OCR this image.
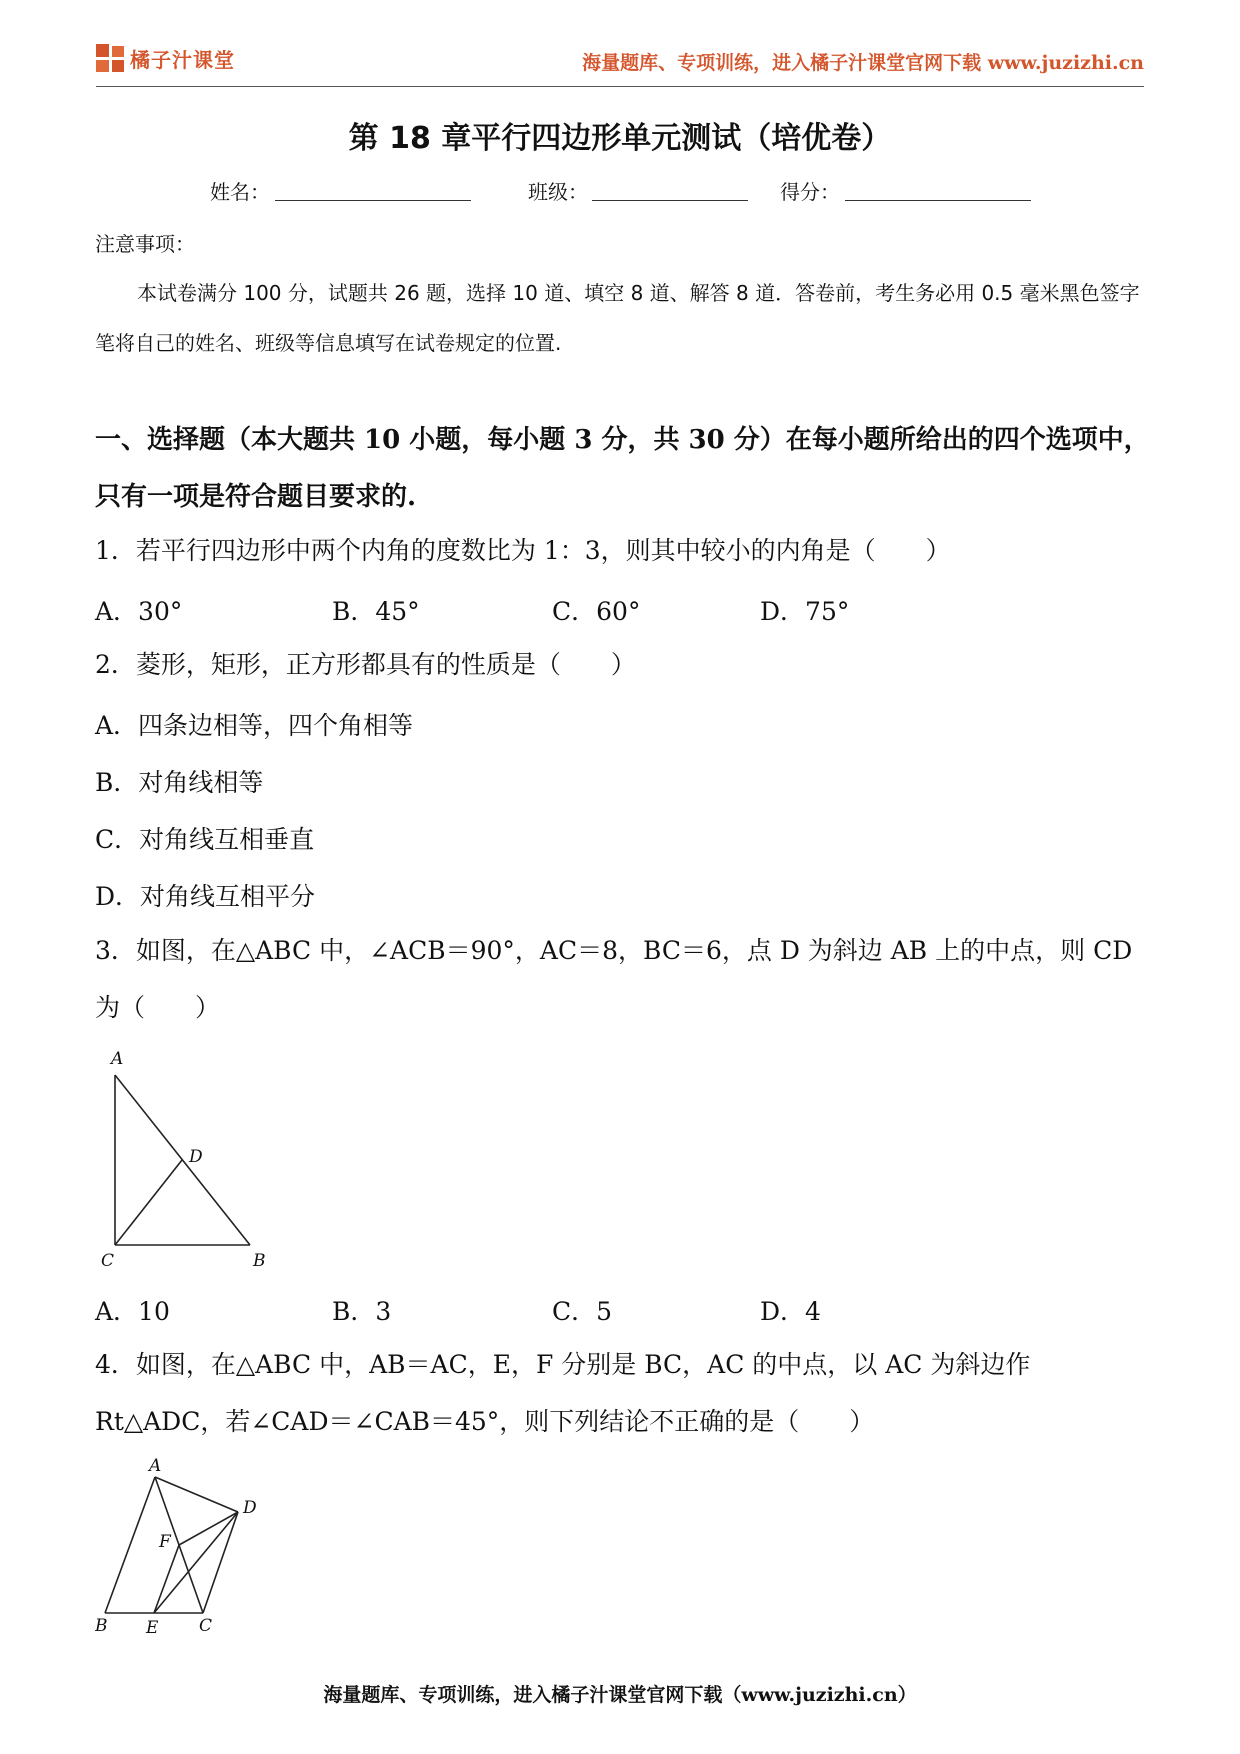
橘子汁课堂	海量题库、专项训练，进入橘子汁课堂官网下载 www.juzizhi.cn
第 18 章平行四边形单元测试（培优卷）
姓名：	班级：	得分：
注意事项：
本试卷满分 100 分，试题共 26 题，选择 10 道、填空 8 道、解答 8 道．答卷前，考生务必用 0.5 毫米黑色签字笔将自己的姓名、班级等信息填写在试卷规定的位置.
一、选择题（本大题共 10 小题，每小题 3 分，共 30 分）在每小题所给出的四个选项中，只有一项是符合题目要求的.
1．若平行四边形中两个内角的度数比为 1：3，则其中较小的内角是（　　）
A．30°	B．45°	C．60°	D．75°
2．菱形，矩形，正方形都具有的性质是（　　）
A．四条边相等，四个角相等
B．对角线相等
C．对角线互相垂直
D．对角线互相平分
3．如图，在△ABC 中，∠ACB＝90°，AC＝8，BC＝6，点 D 为斜边 AB 上的中点，则 CD 为（　　）
A
D
C	B
A．10	B．3	C．5	D．4
4．如图，在△ABC 中，AB＝AC，E，F 分别是 BC，AC 的中点，以 AC 为斜边作 Rt△ADC，若∠CAD＝∠CAB＝45°，则下列结论不正确的是（　　）
A
D
F
B E C
海量题库、专项训练，进入橘子汁课堂官网下载（www.juzizhi.cn）
